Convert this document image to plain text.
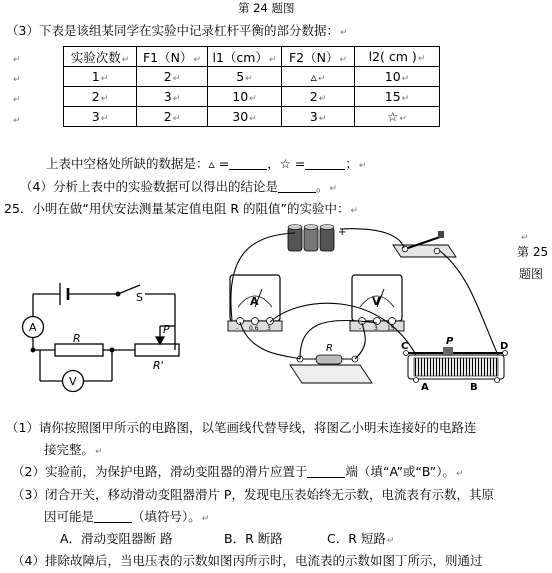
第 24 题图
（3）下表是该组某同学在实验中记录杠杆平衡的部分数据：↵
↵
↵
↵
↵
实验次数↵	F1（N）↵	l1（cm）↵	F2（N）↵	l2( cm )↵
1↵	2↵	5↵	▵↵	10↵
2↵	3↵	10↵	2↵	15↵
3↵	2↵	30↵	3↵	☆↵
上表中空格处所缺的数据是：▵ =	，☆ =	；↵
（4）分析上表中的实验数据可以得出的结论是	。↵
25．小明在做“用伏安法测量某定值电阻 R 的阻值”的实验中：↵
↵
第 25
题图
A
V
S
R
R'
P
+
A
- 0.6 3
V
- 3 15
R	C	P	D
A	B
（1）请你按照图甲所示的电路图，以笔画线代替导线，将图乙小明未连接好的电路连
接完整。↵
（2）实验前，为保护电路，滑动变阻器的滑片应置于	端（填“A”或“B”）。↵
（3）闭合开关，移动滑动变阻器滑片 P，发现电压表始终无示数，电流表有示数，其原
因可能是	（填符号）。↵
A．滑动变阻器断 路	B．R 断路	C．R 短路↵
（4）排除故障后，当电压表的示数如图丙所示时，电流表的示数如图丁所示，则通过
